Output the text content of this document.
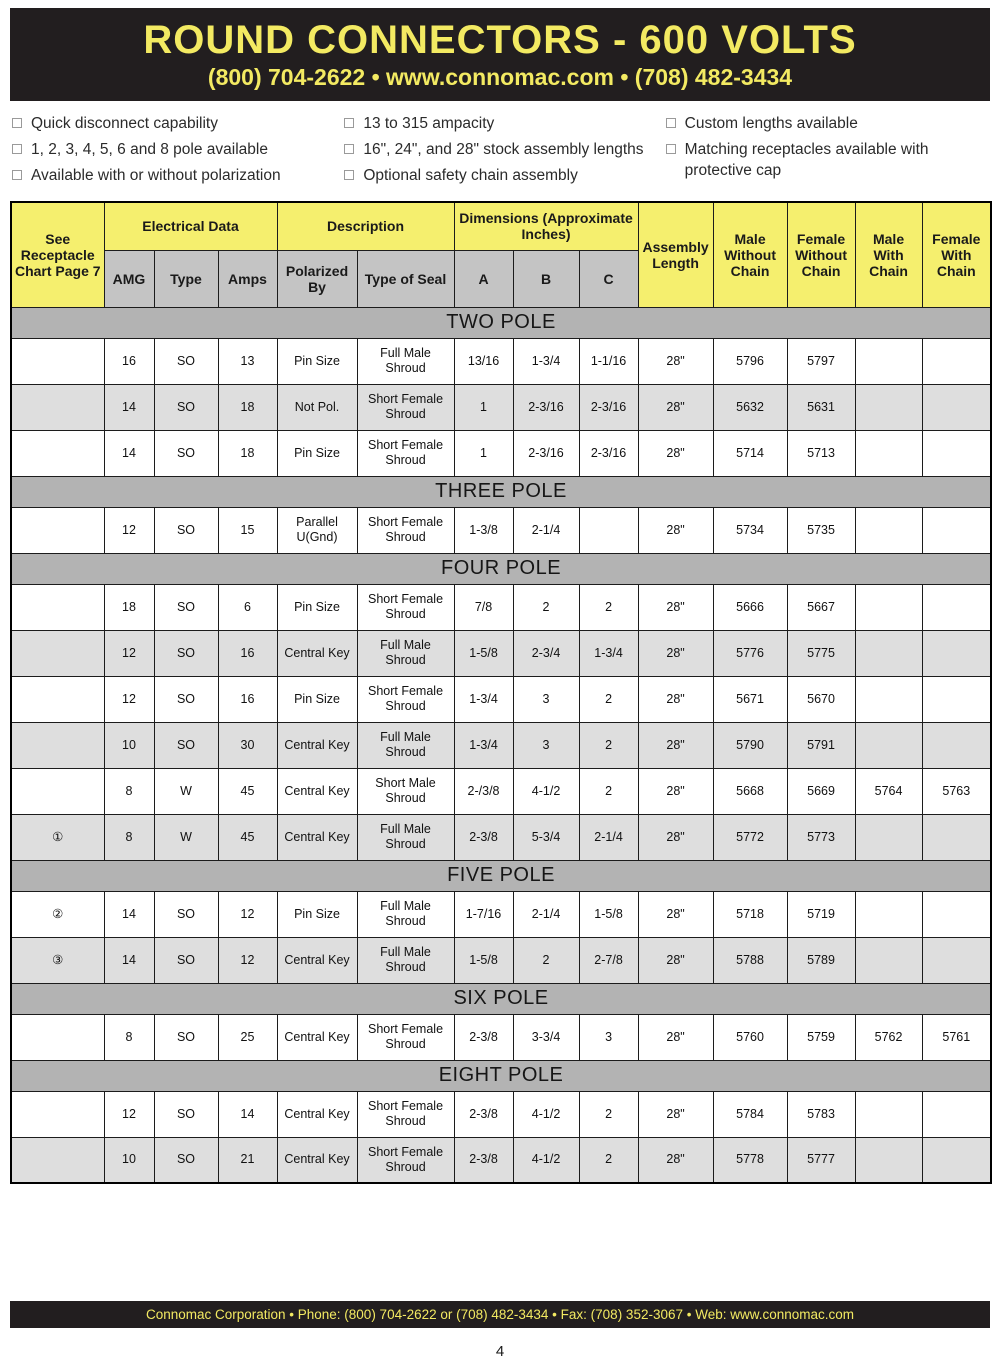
ROUND CONNECTORS - 600 VOLTS
(800) 704-2622 • www.connomac.com • (708) 482-3434
Quick disconnect capability
1, 2, 3, 4, 5, 6 and 8 pole available
Available with or without polarization
13 to 315 ampacity
16", 24", and 28" stock assembly lengths
Optional safety chain assembly
Custom lengths available
Matching receptacles available with protective cap
See Receptacle Chart Page 7	Electrical Data			Description		Dimensions (Approximate Inches)			Assembly Length	Male Without Chain	Female Without Chain	Male With Chain	Female With Chain
	AMG	Type	Amps	Polarized By	Type of Seal	A	B	C					
TWO POLE													
	16	SO	13	Pin Size	Full Male Shroud	13/16	1-3/4	1-1/16	28"	5796	5797		
	14	SO	18	Not Pol.	Short Female Shroud	1	2-3/16	2-3/16	28"	5632	5631		
	14	SO	18	Pin Size	Short Female Shroud	1	2-3/16	2-3/16	28"	5714	5713		
THREE POLE													
	12	SO	15	Parallel U(Gnd)	Short Female Shroud	1-3/8	2-1/4		28"	5734	5735		
FOUR POLE													
	18	SO	6	Pin Size	Short Female Shroud	7/8	2	2	28"	5666	5667		
	12	SO	16	Central Key	Full Male Shroud	1-5/8	2-3/4	1-3/4	28"	5776	5775		
	12	SO	16	Pin Size	Short Female Shroud	1-3/4	3	2	28"	5671	5670		
	10	SO	30	Central Key	Full Male Shroud	1-3/4	3	2	28"	5790	5791		
	8	W	45	Central Key	Short Male Shroud	2-/3/8	4-1/2	2	28"	5668	5669	5764	5763
①	8	W	45	Central Key	Full Male Shroud	2-3/8	5-3/4	2-1/4	28"	5772	5773		
FIVE POLE													
②	14	SO	12	Pin Size	Full Male Shroud	1-7/16	2-1/4	1-5/8	28"	5718	5719		
③	14	SO	12	Central Key	Full Male Shroud	1-5/8	2	2-7/8	28"	5788	5789		
SIX POLE													
	8	SO	25	Central Key	Short Female Shroud	2-3/8	3-3/4	3	28"	5760	5759	5762	5761
EIGHT POLE													
	12	SO	14	Central Key	Short Female Shroud	2-3/8	4-1/2	2	28"	5784	5783		
	10	SO	21	Central Key	Short Female Shroud	2-3/8	4-1/2	2	28"	5778	5777		
Connomac Corporation • Phone: (800) 704-2622 or (708) 482-3434 • Fax: (708) 352-3067 • Web: www.connomac.com
4
